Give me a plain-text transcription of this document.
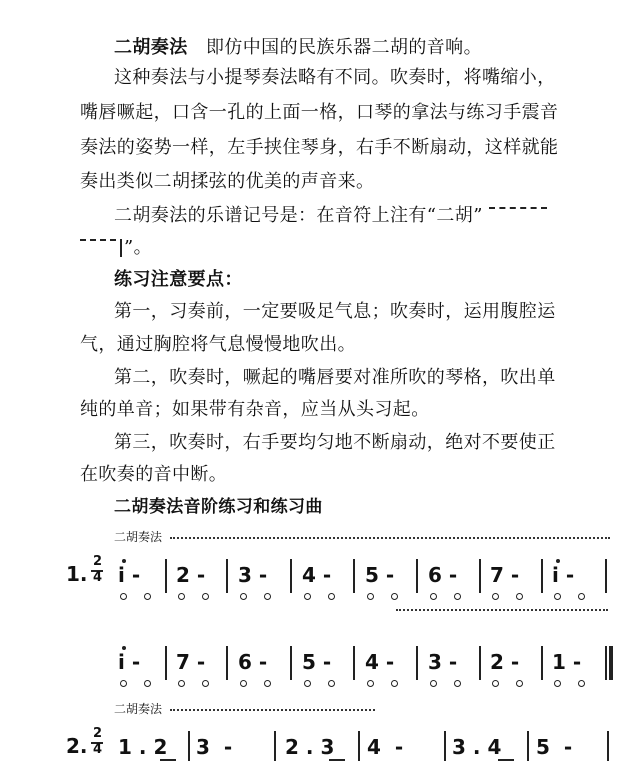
二胡奏法 即仿中国的民族乐器二胡的音响。
这种奏法与小提琴奏法略有不同。吹奏时，将嘴缩小，
嘴唇噘起，口含一孔的上面一格，口琴的拿法与练习手震音
奏法的姿势一样，左手挟住琴身，右手不断扇动，这样就能
奏出类似二胡揉弦的优美的声音来。
二胡奏法的乐谱记号是：在音符上注有“二胡”
”。
练习注意要点：
第一，习奏前，一定要吸足气息；吹奏时，运用腹腔运
气，通过胸腔将气息慢慢地吹出。
第二，吹奏时，噘起的嘴唇要对准所吹的琴格，吹出单
纯的单音；如果带有杂音，应当从头习起。
第三，吹奏时，右手要均匀地不断扇动，绝对不要使正
在吹奏的音中断。
二胡奏法音阶练习和练习曲
二胡奏法
1.
2
4 i - 2 - 3 - 4 - 5 - 6 - 7 - i -
i - 7 - 6 - 5 - 4 - 3 - 2 - 1 -
二胡奏法
2.
2
4 1 . 2 3  -	2 . 3 4  - 3 . 4 5  -
